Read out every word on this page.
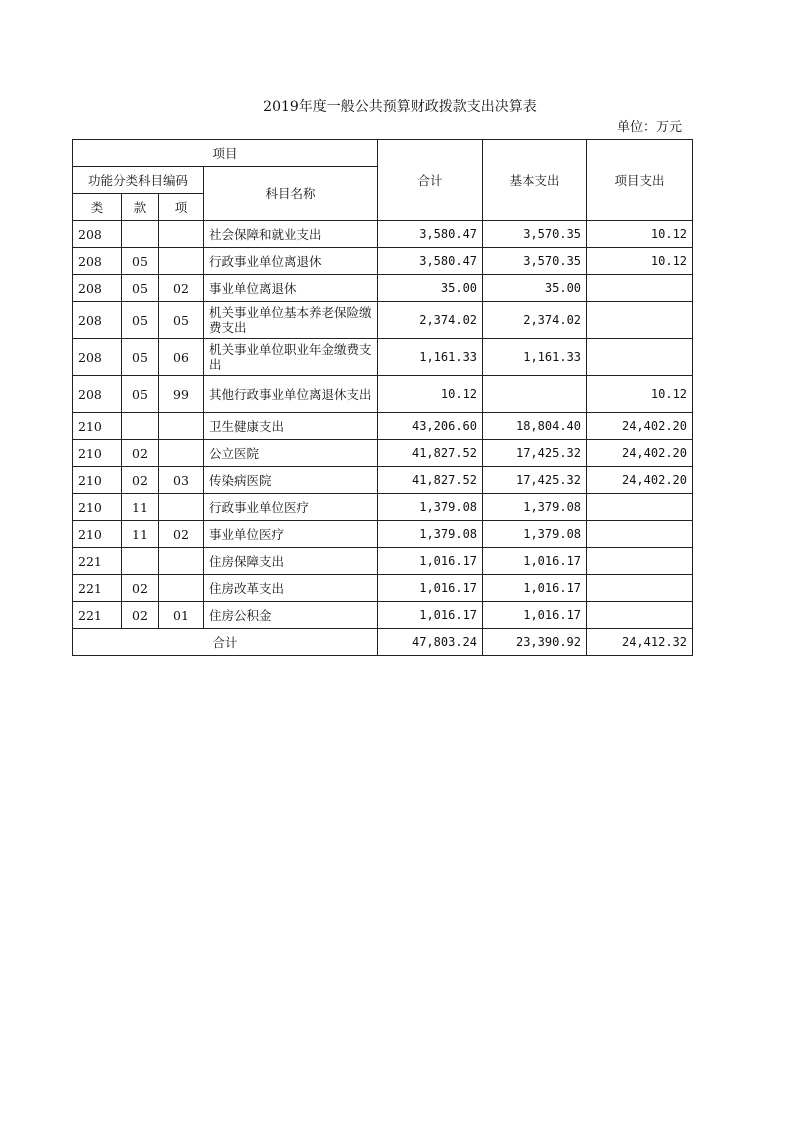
2019年度一般公共预算财政拨款支出决算表
单位：万元
项目				合计	基本支出	项目支出
功能分类科目编码			科目名称			
类	款	项				
208			社会保障和就业支出	3,580.47	3,570.35	10.12
208	05		行政事业单位离退休	3,580.47	3,570.35	10.12
208	05	02	事业单位离退休	35.00	35.00	
208	05	05	机关事业单位基本养老保险缴费支出	2,374.02	2,374.02	
208	05	06	机关事业单位职业年金缴费支出	1,161.33	1,161.33	
208	05	99	其他行政事业单位离退休支出	10.12		10.12
210			卫生健康支出	43,206.60	18,804.40	24,402.20
210	02		公立医院	41,827.52	17,425.32	24,402.20
210	02	03	传染病医院	41,827.52	17,425.32	24,402.20
210	11		行政事业单位医疗	1,379.08	1,379.08	
210	11	02	事业单位医疗	1,379.08	1,379.08	
221			住房保障支出	1,016.17	1,016.17	
221	02		住房改革支出	1,016.17	1,016.17	
221	02	01	住房公积金	1,016.17	1,016.17	
合计				47,803.24	23,390.92	24,412.32
